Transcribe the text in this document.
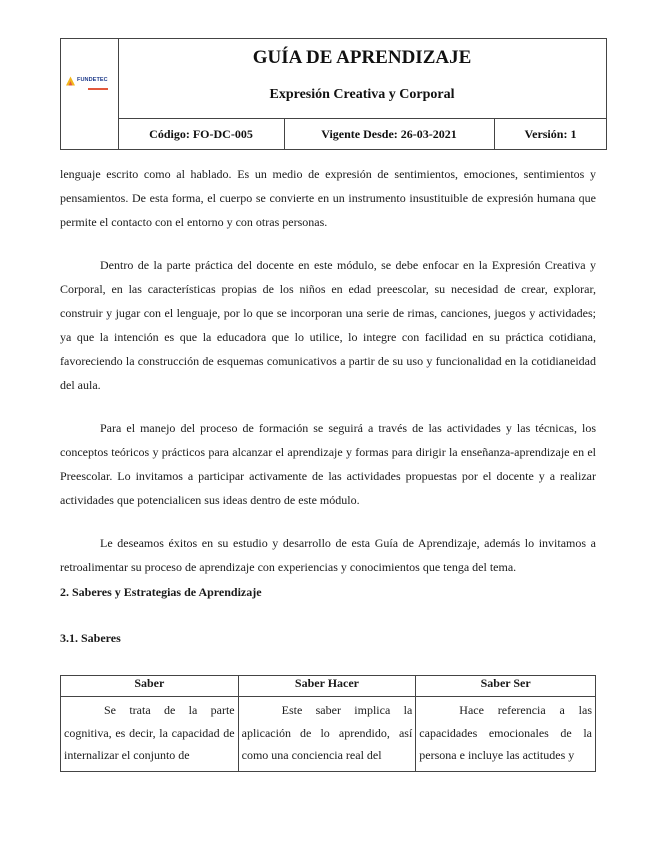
FUNDETEC
GUÍA DE APRENDIZAJE
Expresión Creativa y Corporal
Código: FO-DC-005	Vigente Desde: 26-03-2021	Versión: 1

lenguaje escrito como al hablado. Es un medio de expresión de sentimientos, emociones, sentimientos y pensamientos. De esta forma, el cuerpo se convierte en un instrumento insustituible de expresión humana que permite el contacto con el entorno y con otras personas.

Dentro de la parte práctica del docente en este módulo, se debe enfocar en la Expresión Creativa y Corporal, en las características propias de los niños en edad preescolar, su necesidad de crear, explorar, construir y jugar con el lenguaje, por lo que se incorporan una serie de rimas, canciones, juegos y actividades; ya que la intención es que la educadora que lo utilice, lo integre con facilidad en su práctica cotidiana, favoreciendo la construcción de esquemas comunicativos a partir de su uso y funcionalidad en la cotidianeidad del aula.

Para el manejo del proceso de formación se seguirá a través de las actividades y las técnicas, los conceptos teóricos y prácticos para alcanzar el aprendizaje y formas para dirigir la enseñanza-aprendizaje en el Preescolar. Lo invitamos a participar activamente de las actividades propuestas por el docente y a realizar actividades que potencialicen sus ideas dentro de este módulo.

Le deseamos éxitos en su estudio y desarrollo de esta Guía de Aprendizaje, además lo invitamos a retroalimentar su proceso de aprendizaje con experiencias y conocimientos que tenga del tema.

2. Saberes y Estrategias de Aprendizaje
3.1. Saberes
Saber	Saber Hacer	Saber Ser
Se trata de la parte cognitiva, es decir, la capacidad de internalizar el conjunto de	Este saber implica la aplicación de lo aprendido, así como una conciencia real del	Hace referencia a las capacidades emocionales de la persona e incluye las actitudes y
